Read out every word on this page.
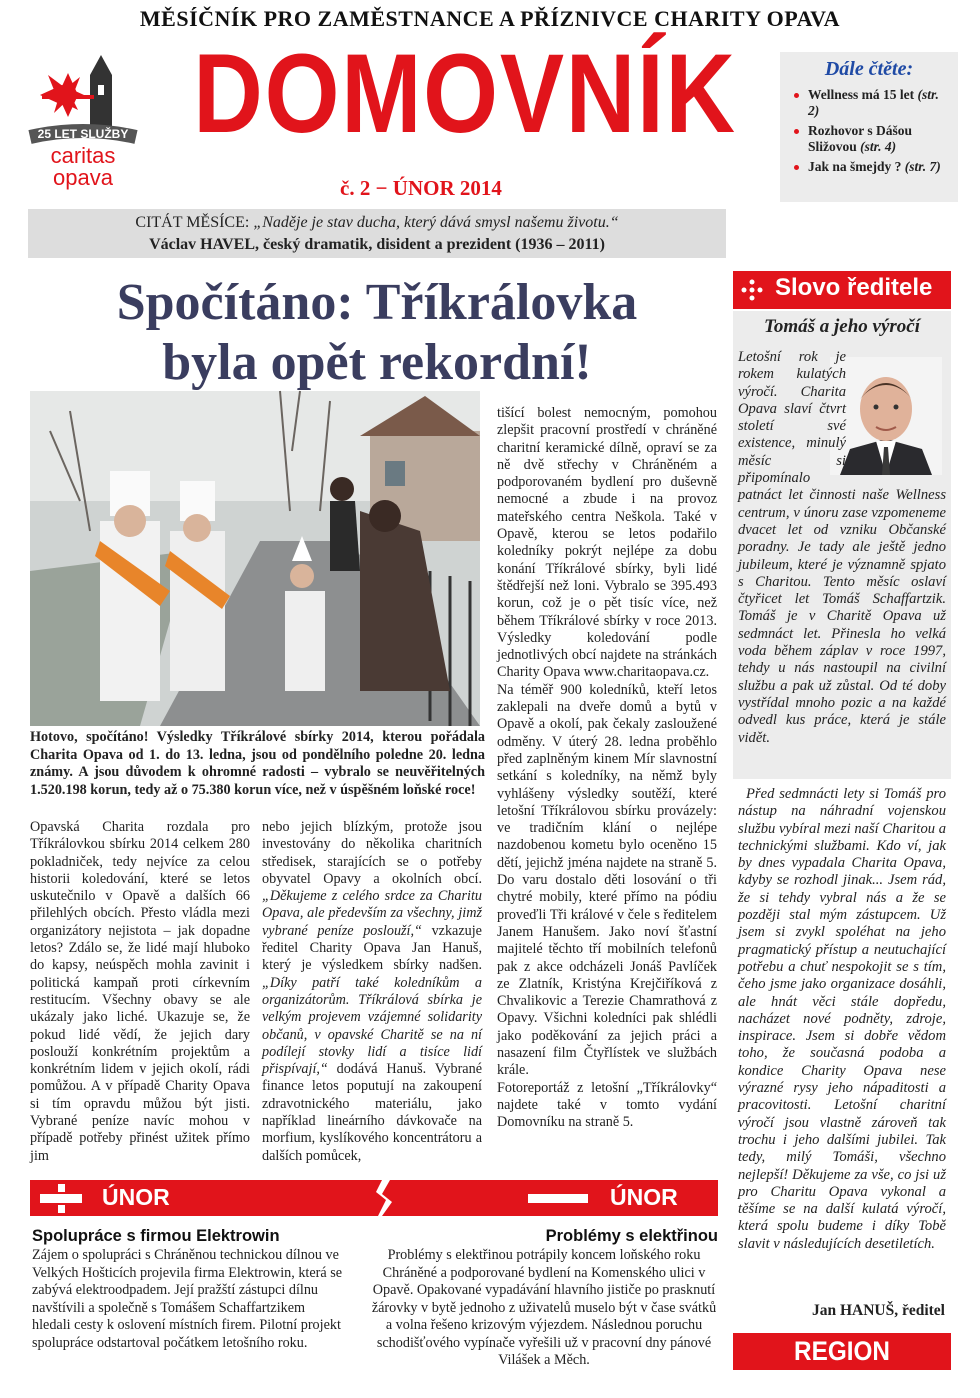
MĚSÍČNÍK PRO ZAMĚSTNANCE A PŘÍZNIVCE CHARITY OPAVA
25 LET SLUŽBY
caritas
opava
DOMOVNÍK
č. 2 − ÚNOR 2014
Dále čtěte:
Wellness má 15 let (str. 2)
Rozhovor s Dášou Sližovou (str. 4)
Jak na šmejdy ? (str. 7)
CITÁT MĚSÍCE: „Naděje je stav ducha, který dává smysl našemu životu.“
Václav HAVEL, český dramatik, disident a prezident (1936 – 2011)
Spočítáno: Tříkrálovka
byla opět rekordní!
Hotovo, spočítáno! Výsledky Tříkrálové sbírky 2014, kterou pořádala Charita Opava od 1. do 13. ledna, jsou od pondělního poledne 20. ledna známy. A jsou důvodem k ohromné radosti – vybralo se neuvěřitelných 1.520.198 korun, tedy až o 75.380 korun více, než v úspěšném loňské roce!
Opavská Charita rozdala pro Tříkrálovkou sbírku 2014 celkem 280 pokladniček, tedy nejvíce za celou historii koledování, které se letos uskutečnilo v Opavě a dalších 66 přilehlých obcích. Přesto vládla mezi organizátory nejistota – jak dopadne letos? Zdálo se, že lidé mají hluboko do kapsy, neúspěch mohla zavinit i politická kampaň proti církevním restitucím. Všechny obavy se ale ukázaly jako liché. Ukazuje se, že pokud lidé vědí, že jejich dary poslouží konkrétním projektům a konkrétním lidem v jejich okolí, rádi pomůžou. A v případě Charity Opava si tím opravdu můžou být jisti. Vybrané peníze navíc mohou v případě potřeby přinést užitek přímo jim
nebo jejich blízkým, protože jsou investovány do několika charitních středisek, starajících se o potřeby obyvatel Opavy a okolních obcí. „Děkujeme z celého srdce za Charitu Opava, ale především za všechny, jimž vybrané peníze poslouží,“ vzkazuje ředitel Charity Opava Jan Hanuš, který je výsledkem sbírky nadšen. „Díky patří také koledníkům a organizátorům. Tříkrálová sbírka je velkým projevem vzájemné solidarity občanů, v opavské Charitě se na ní podílejí stovky lidí a tisíce lidí přispívají,“ dodává Hanuš. Vybrané finance letos poputují na zakoupení zdravotnického materiálu, jako například lineárního dávkovače na morfium, kyslíkového koncentrátoru a dalších pomůcek,

tišící bolest nemocným, pomohou zlepšit pracovní prostředí v chráněné charitní keramické dílně, opraví se za ně dvě střechy v Chráněném a podporovaném bydlení pro duševně nemocné a zbude i na provoz mateřského centra Neškola. Také v Opavě, kterou se letos podařilo koledníky pokrýt nejlépe za dobu konání Tříkrálové sbírky, byli lidé štědřejší než loni. Vybralo se 395.493 korun, což je o pět tisíc více, než během Tříkrálové sbírky v roce 2013. Výsledky koledování podle jednotlivých obcí najdete na stránkách Charity Opava www.charitaopava.cz.

Na téměř 900 koledníků, kteří letos zaklepali na dveře domů a bytů v Opavě a okolí, pak čekaly zasloužené odměny. V úterý 28. ledna proběhlo před zaplněným kinem Mír slavnostní setkání s koledníky, na němž byly vyhlášeny výsledky soutěží, které letošní Tříkrálovou sbírku provázely: ve tradičním klání o nejlépe nazdobenou kometu bylo oceněno 15 dětí, jejichž jména najdete na straně 5. Do varu dostalo děti losování o tři chytré mobily, které přímo na pódiu proveďli Tři králové v čele s ředitelem Janem Hanušem. Jako noví šťastní majitelé těchto tří mobilních telefonů pak z akce odcházeli Jonáš Pavlíček ze Zlatník, Kristýna Krejčiříková z Chvalikovic a Terezie Chamrathová z Opavy. Všichni koledníci pak shlédli jako poděkování za jejich práci a nasazení film Čtyřlístek ve službách krále.

Fotoreportáž z letošní „Tříkrálovky“ najdete také v tomto vydání Domovníku na straně 5.

Slovo ředitele
Tomáš a jeho výročí
Letošní rok je rokem kulatých výročí. Charita Opava slaví čtvrt století své existence, minulý měsíc si připomínalo patnáct let činnosti naše Wellness centrum, v únoru zase vzpomeneme dvacet let od vzniku Občanské poradny. Je tady ale ještě jedno jubileum, které je významně spjato s Charitou. Tento měsíc oslaví čtyřicet let Tomáš Schaffartzik. Tomáš je v Charitě Opava už sedmnáct let. Přinesla ho velká voda během záplav v roce 1997, tehdy u nás nastoupil na civilní službu a pak už zůstal. Od té doby vystřídal mnoho pozic a na každé odvedl kus práce, která je stále vidět.
Před sedmnácti lety si Tomáš pro nástup na náhradní vojenskou službu vybíral mezi naší Charitou a technickými službami. Kdo ví, jak by dnes vypadala Charita Opava, kdyby se rozhodl jinak... Jsem rád, že si tehdy vybral nás a že se později stal mým zástupcem. Už jsem si zvykl spoléhat na jeho pragmatický přístup a neutuchající potřebu a chuť nespokojit se s tím, čeho jsme jako organizace dosáhli, ale hnát věci stále dopředu, nacházet nové podněty, zdroje, inspirace. Jsem si dobře vědom toho, že současná podoba a kondice Charity Opava nese výrazné rysy jeho nápaditosti a pracovitosti. Letošní charitní výročí jsou vlastně zároveň tak trochu i jeho dalšími jubilei. Tak tedy, milý Tomáši, všechno nejlepší! Děkujeme za vše, co jsi už pro Charitu Opava vykonal a těšíme se na další kulatá výročí, která spolu budeme i díky Tobě slavit v následujících desetiletích.
Jan HANUŠ, ředitel
REGION OPAVSKO
ÚNOR	ÚNOR
Spolupráce s firmou Elektrowin
Zájem o spolupráci s Chráněnou technickou dílnou ve Velkých Hošticích projevila firma Elektrowin, která se zabývá elektroodpadem. Její pražští zástupci dílnu navštívili a společně s Tomášem Schaffartzikem hledali cesty k oslovení místních firem. Pilotní projekt spolupráce odstartoval počátkem letošního roku.
Problémy s elektřinou
Problémy s elektřinou potrápily koncem loňského roku Chráněné a podporované bydlení na Komenského ulici v Opavě. Opakované vypadávání hlavního jističe po prasknutí žárovky v bytě jednoho z uživatelů muselo být v čase svátků a volna řešeno krizovým výjezdem. Následnou poruchu schodišťového vypínače vyřešili už v pracovní dny pánové Vilášek a Měch.
